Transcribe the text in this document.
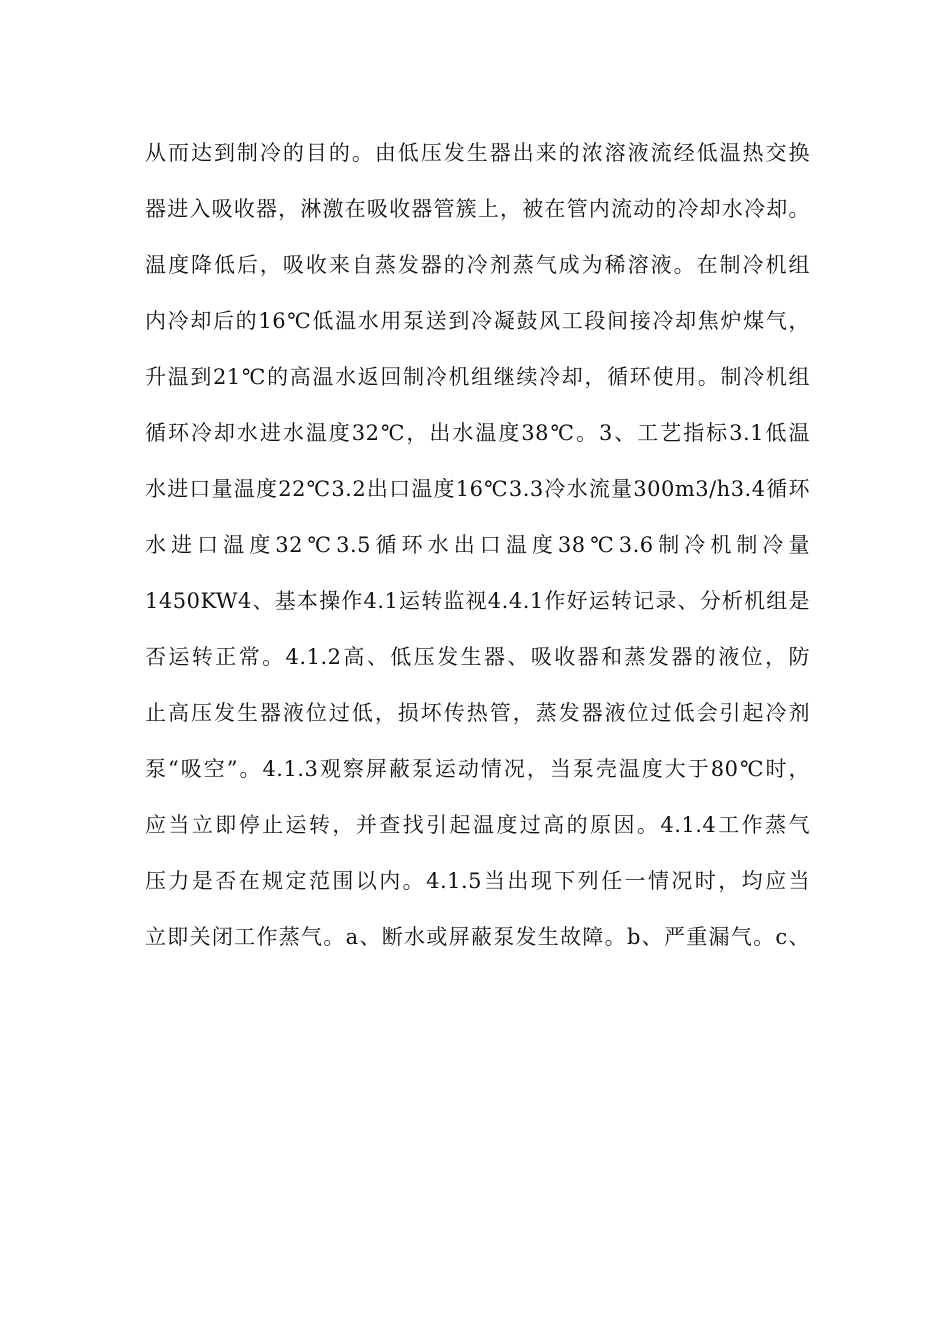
从而达到制冷的目的。由低压发生器出来的浓溶液流经低温热交换
器进入吸收器，淋激在吸收器管簇上，被在管内流动的冷却水冷却。
温度降低后，吸收来自蒸发器的冷剂蒸气成为稀溶液。在制冷机组
内冷却后的16℃低温水用泵送到冷凝鼓风工段间接冷却焦炉煤气，
升温到21℃的高温水返回制冷机组继续冷却，循环使用。制冷机组
循环冷却水进水温度32℃，出水温度38℃。3、工艺指标3.1低温
水进口量温度22℃3.2出口温度16℃3.3冷水流量300m3/h3.4循环
水进口温度32℃3.5循环水出口温度38℃3.6制冷机制冷量
1450KW4、基本操作4.1运转监视4.4.1作好运转记录、分析机组是
否运转正常。4.1.2高、低压发生器、吸收器和蒸发器的液位，防
止高压发生器液位过低，损坏传热管，蒸发器液位过低会引起冷剂
泵“吸空”。4.1.3观察屏蔽泵运动情况，当泵壳温度大于80℃时，
应当立即停止运转，并查找引起温度过高的原因。4.1.4工作蒸气
压力是否在规定范围以内。4.1.5当出现下列任一情况时，均应当
立即关闭工作蒸气。a、断水或屏蔽泵发生故障。b、严重漏气。c、
